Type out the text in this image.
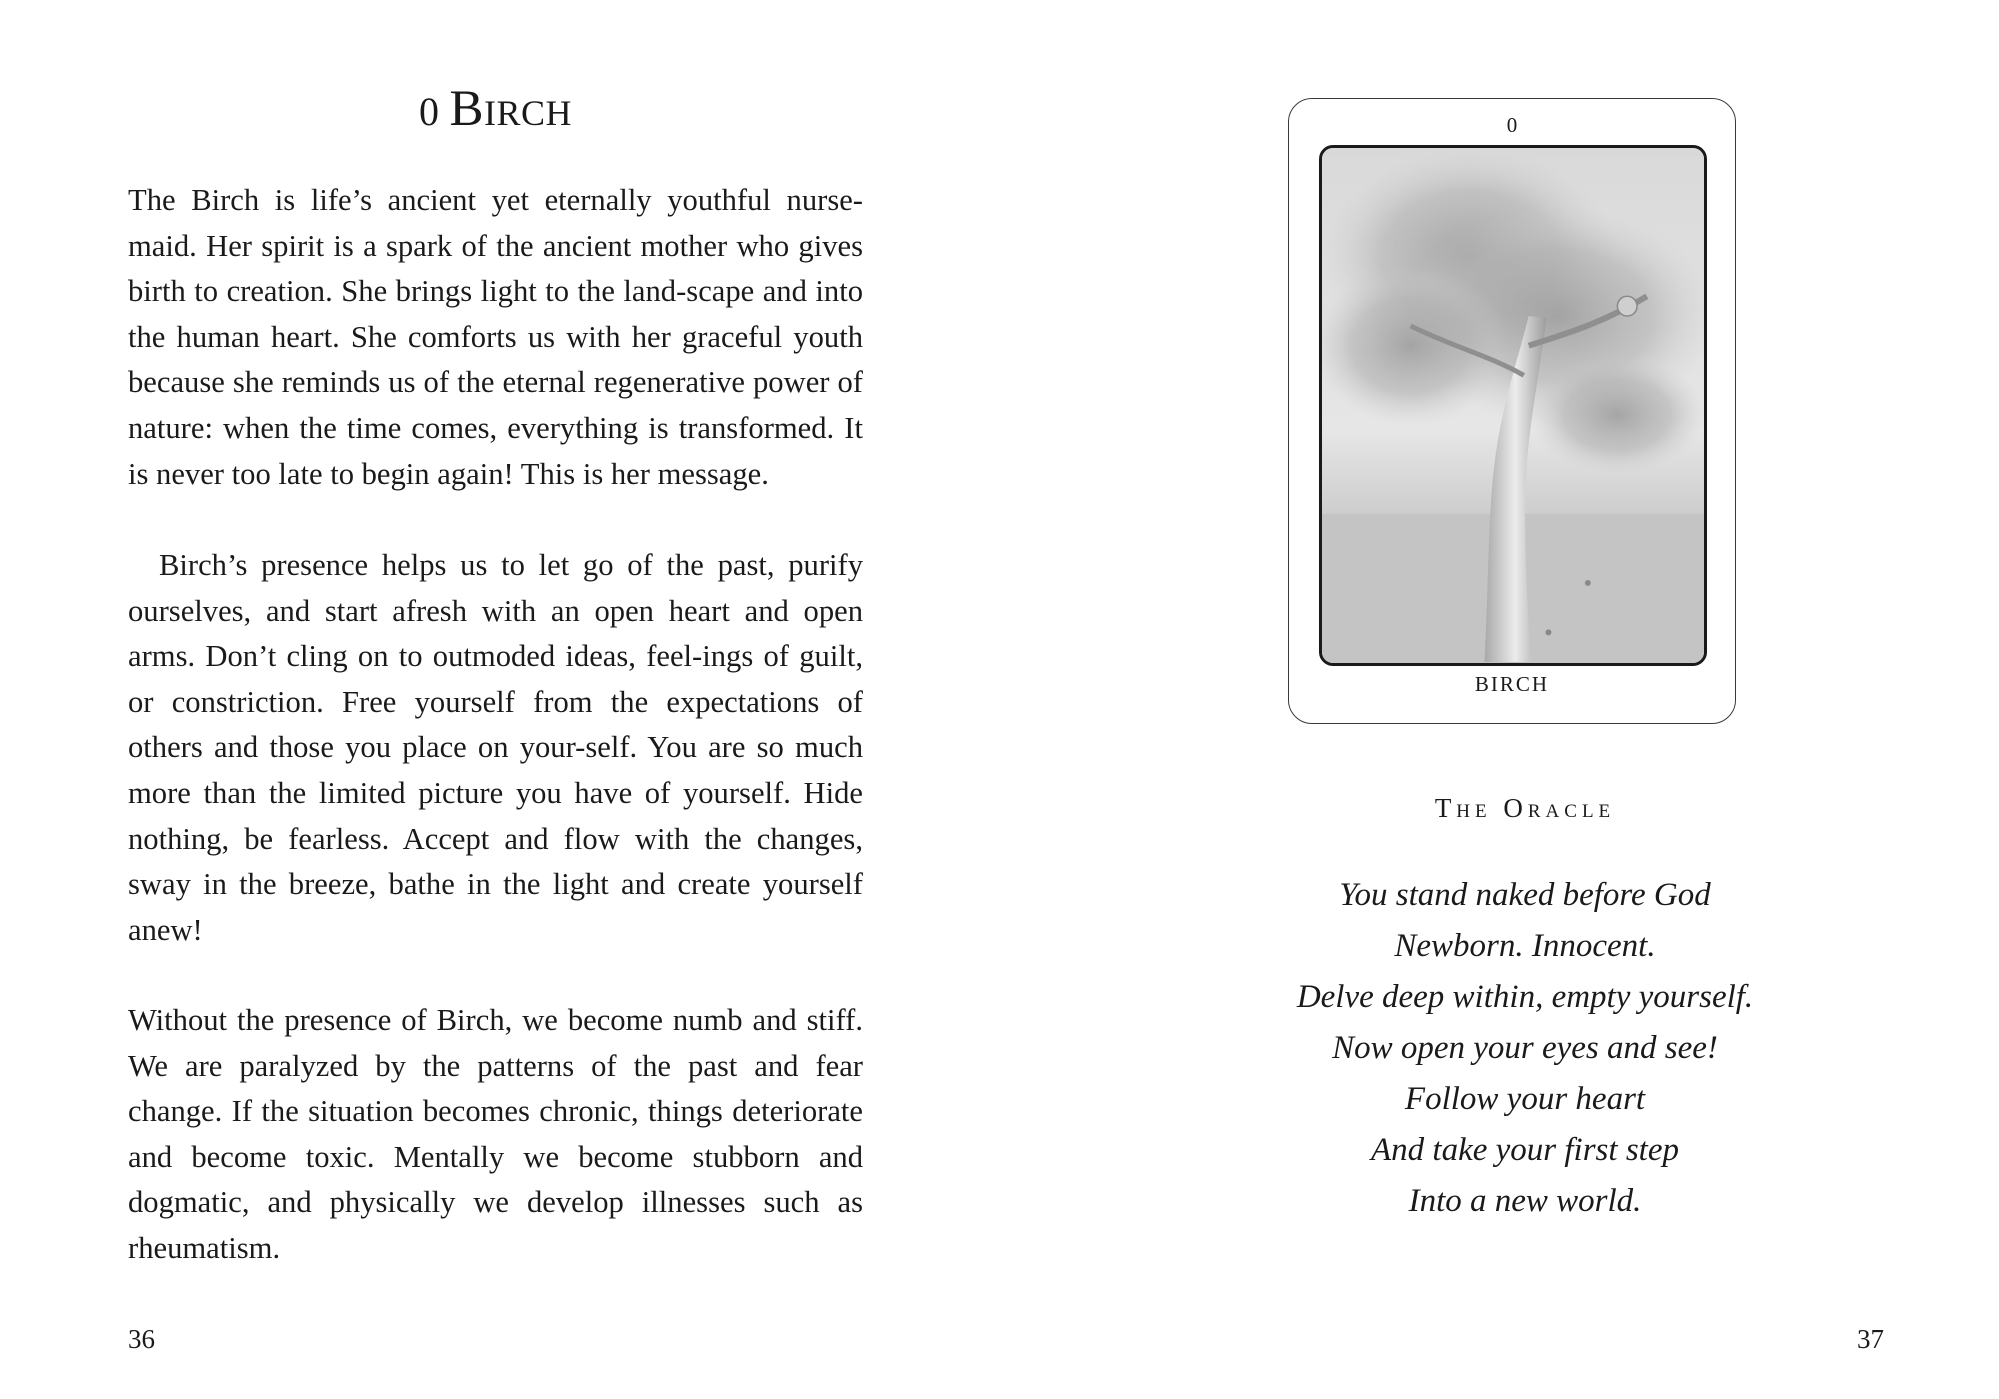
0 Birch
The Birch is life’s ancient yet eternally youthful nurse-maid. Her spirit is a spark of the ancient mother who gives birth to creation. She brings light to the land-scape and into the human heart. She comforts us with her graceful youth because she reminds us of the eternal regenerative power of nature: when the time comes, everything is transformed. It is never too late to begin again! This is her message.
Birch’s presence helps us to let go of the past, purify ourselves, and start afresh with an open heart and open arms. Don’t cling on to outmoded ideas, feel-ings of guilt, or constriction. Free yourself from the expectations of others and those you place on your-self. You are so much more than the limited picture you have of yourself. Hide nothing, be fearless. Accept and flow with the changes, sway in the breeze, bathe in the light and create yourself anew!
Without the presence of Birch, we become numb and stiff. We are paralyzed by the patterns of the past and fear change. If the situation becomes chronic, things deteriorate and become toxic. Mentally we become stubborn and dogmatic, and physically we develop illnesses such as rheumatism.
36
0
BIRCH
The Oracle
You stand naked before God
Newborn. Innocent.
Delve deep within, empty yourself.
Now open your eyes and see!
Follow your heart
And take your first step
Into a new world.
37
